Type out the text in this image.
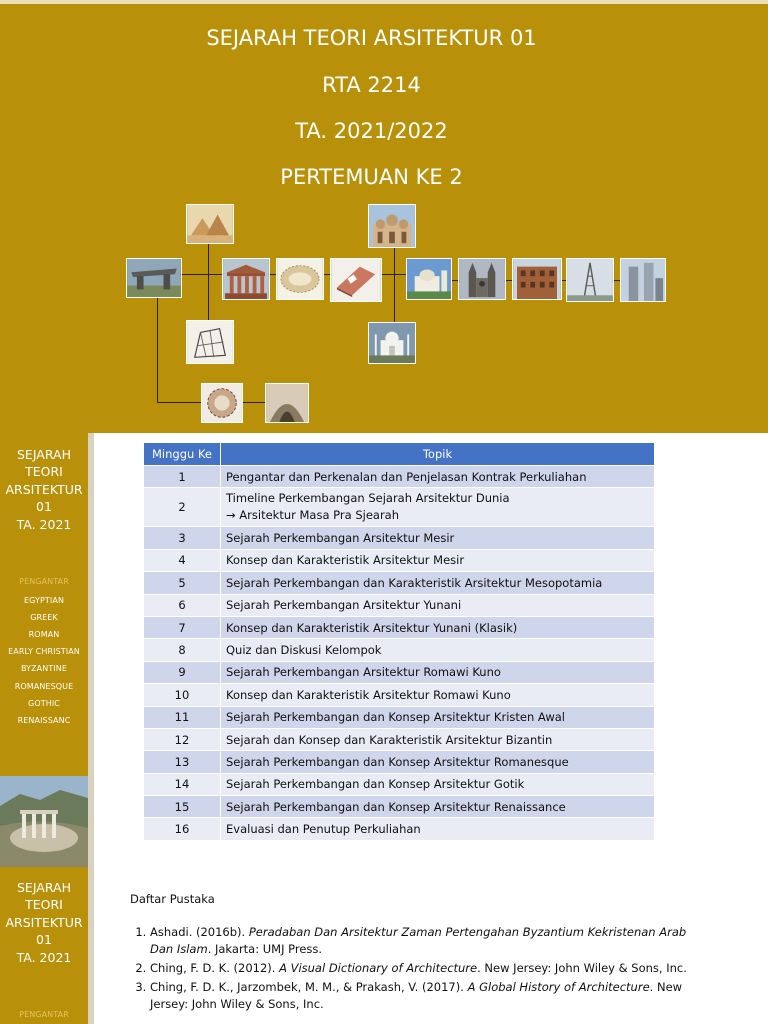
SEJARAH TEORI ARSITEKTUR 01
RTA 2214
TA. 2021/2022
PERTEMUAN KE 2
SEJARAH
TEORI
ARSITEKTUR
01
TA. 2021
PENGANTAR
EGYPTIAN
GREEK
ROMAN
EARLY CHRISTIAN
BYZANTINE
ROMANESQUE
GOTHIC
RENAISSANC
SEJARAH
TEORI
ARSITEKTUR
01
TA. 2021
PENGANTAR
Minggu Ke	Topik
1	Pengantar dan Perkenalan dan Penjelasan Kontrak Perkuliahan
2	Timeline Perkembangan Sejarah Arsitektur Dunia
→ Arsitektur Masa Pra Sjearah

3	Sejarah Perkembangan Arsitektur Mesir
4	Konsep dan Karakteristik Arsitektur Mesir
5	Sejarah Perkembangan dan Karakteristik Arsitektur Mesopotamia
6	Sejarah Perkembangan Arsitektur Yunani
7	Konsep dan Karakteristik Arsitektur Yunani (Klasik)
8	Quiz dan Diskusi Kelompok
9	Sejarah Perkembangan Arsitektur Romawi Kuno
10	Konsep dan Karakteristik Arsitektur Romawi Kuno
11	Sejarah Perkembangan dan Konsep Arsitektur Kristen Awal
12	Sejarah dan Konsep dan Karakteristik Arsitektur Bizantin
13	Sejarah Perkembangan dan Konsep Arsitektur Romanesque
14	Sejarah Perkembangan dan Konsep Arsitektur Gotik
15	Sejarah Perkembangan dan Konsep Arsitektur Renaissance
16	Evaluasi dan Penutup Perkuliahan
Daftar Pustaka
1. Ashadi. (2016b). Peradaban Dan Arsitektur Zaman Pertengahan Byzantium Kekristenan Arab Dan Islam. Jakarta: UMJ Press.
2. Ching, F. D. K. (2012). A Visual Dictionary of Architecture. New Jersey: John Wiley & Sons, Inc.
3. Ching, F. D. K., Jarzombek, M. M., & Prakash, V. (2017). A Global History of Architecture. New Jersey: John Wiley & Sons, Inc.
